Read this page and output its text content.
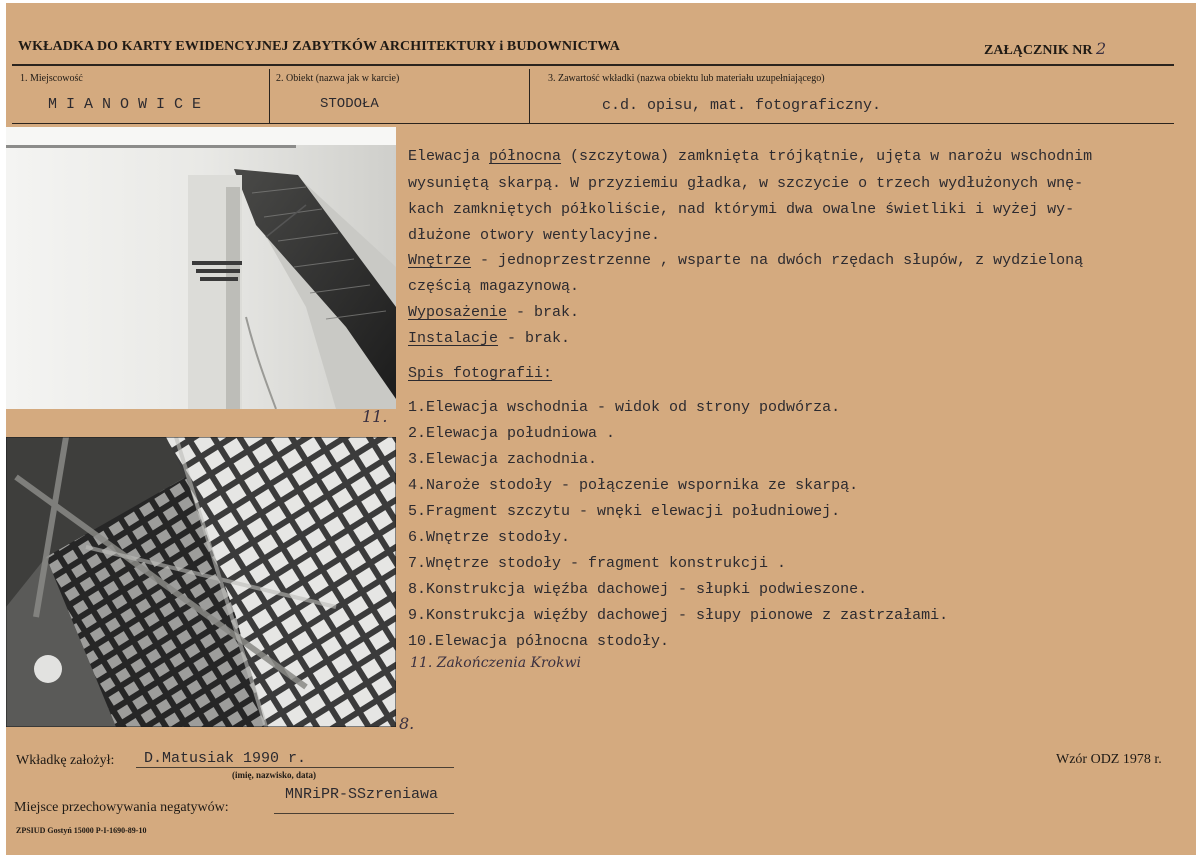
WKŁADKA DO KARTY EWIDENCYJNEJ ZABYTKÓW ARCHITEKTURY i BUDOWNICTWA	ZAŁĄCZNIK NR 2
1. Miejscowość
M I A N O W I C E
2. Obiekt (nazwa jak w karcie)
STODOŁA
3. Zawartość wkładki (nazwa obiektu lub materiału uzupełniającego)
c.d. opisu, mat. fotograficzny.
11.
8.
Elewacja północna (szczytowa) zamknięta trójkątnie, ujęta w narożu wschodnim
wysuniętą skarpą. W przyziemiu gładka, w szczycie o trzech wydłużonych wnę-
kach zamkniętych półkoliście, nad którymi dwa owalne świetliki i wyżej wy-
dłużone otwory wentylacyjne.
Wnętrze - jednoprzestrzenne , wsparte na dwóch rzędach słupów, z wydzieloną
częścią magazynową.
Wyposażenie - brak.
Instalacje - brak.
Spis fotografii:
1.Elewacja wschodnia - widok od strony podwórza.
2.Elewacja południowa .
3.Elewacja zachodnia.
4.Naroże stodoły - połączenie wspornika ze skarpą.
5.Fragment szczytu - wnęki elewacji południowej.
6.Wnętrze stodoły.
7.Wnętrze stodoły - fragment konstrukcji .
8.Konstrukcja więźba dachowej - słupki podwieszone.
9.Konstrukcja więźby dachowej - słupy pionowe z zastrzałami.
10.Elewacja północna stodoły.
11. Zakończenia Krokwi
Wkładkę założył: D.Matusiak 1990 r.
(imię, nazwisko, data)
Wzór ODZ 1978 r.
Miejsce przechowywania negatywów:
MNRiPR-SSzreniawa
ZPSIUD Gostyń 15000 P-I-1690-89-10
